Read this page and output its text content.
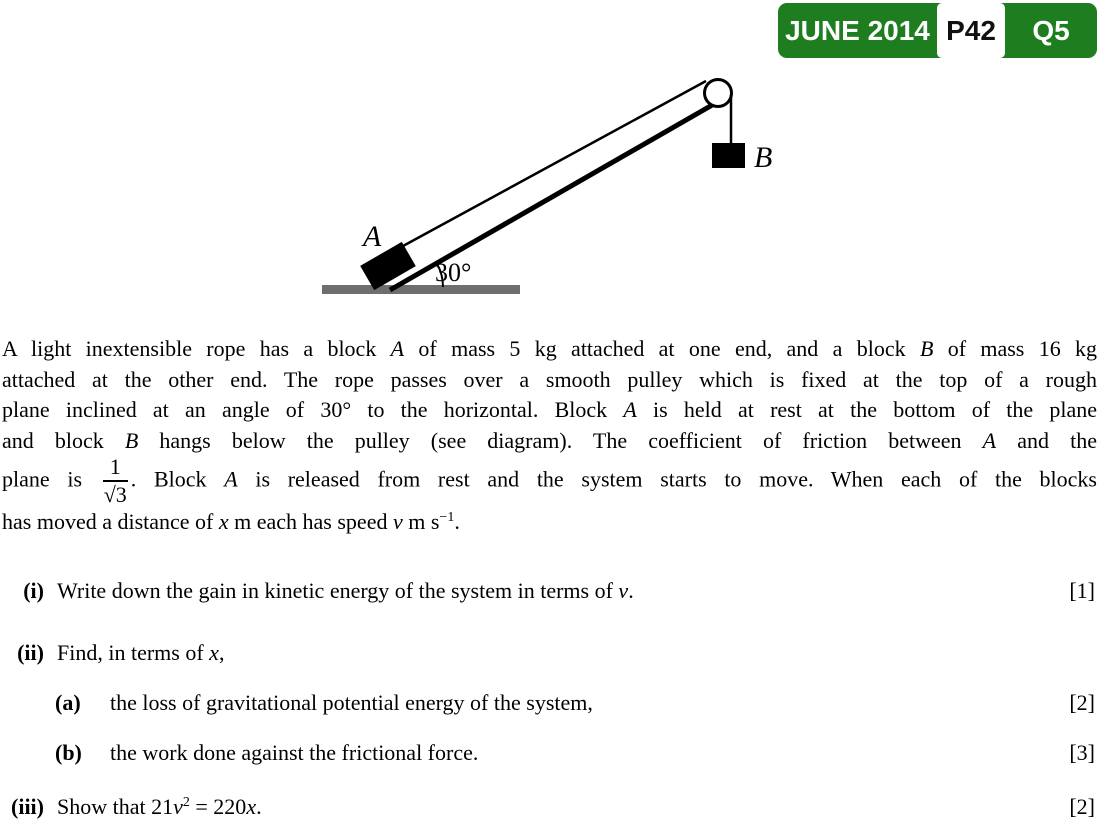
A
B
30°
JUNE 2014 P42	Q5
A light inextensible rope has a block A of mass 5 kg attached at one end, and a block B of mass 16 kg
attached at the other end. The rope passes over a smooth pulley which is fixed at the top of a rough
plane inclined at an angle of 30° to the horizontal. Block A is held at rest at the bottom of the plane
and block B hangs below the pulley (see diagram). The coefficient of friction between A and the
plane is $\frac{1}{√3}$ . Block A is released from rest and the system starts to move. When each of the blocks
has moved a distance of x m each has speed v m $s^{-1}$.
(i) Write down the gain in kinetic energy of the system in terms of v.	[1]
(ii) Find, in terms of x,
(a)	the loss of gravitational potential energy of the system,	[2]
(b) the work done against the frictional force.	[3]
(iii) Show that $21v^2 = 220x$.	[2]
